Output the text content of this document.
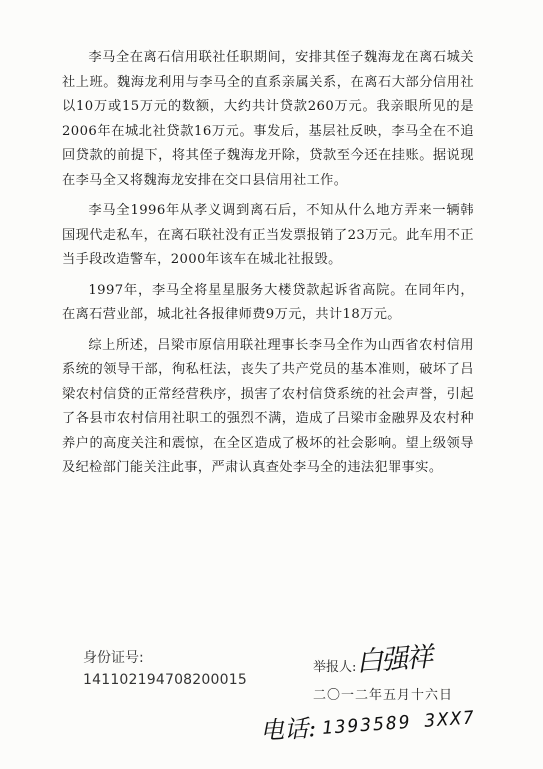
李马全在离石信用联社任职期间，安排其侄子魏海龙在离石城关社上班。魏海龙利用与李马全的直系亲属关系，在离石大部分信用社以10万或15万元的数额，大约共计贷款260万元。我亲眼所见的是2006年在城北社贷款16万元。事发后，基层社反映，李马全在不追回贷款的前提下，将其侄子魏海龙开除，贷款至今还在挂账。据说现在李马全又将魏海龙安排在交口县信用社工作。

李马全1996年从孝义调到离石后，不知从什么地方弄来一辆韩国现代走私车，在离石联社没有正当发票报销了23万元。此车用不正当手段改造警车，2000年该车在城北社报毁。

1997年，李马全将星星服务大楼贷款起诉省高院。在同年内，在离石营业部，城北社各报律师费9万元，共计18万元。

综上所述，吕梁市原信用联社理事长李马全作为山西省农村信用系统的领导干部，徇私枉法，丧失了共产党员的基本准则，破坏了吕梁农村信贷的正常经营秩序，损害了农村信贷系统的社会声誉，引起了各县市农村信用社职工的强烈不满，造成了吕梁市金融界及农村种养户的高度关注和震惊，在全区造成了极坏的社会影响。望上级领导及纪检部门能关注此事，严肃认真查处李马全的违法犯罪事实。

身份证号:
141102194708200015
举报人:
白强祥
二〇一二年五月十六日
电话: 1393589 3XX7
